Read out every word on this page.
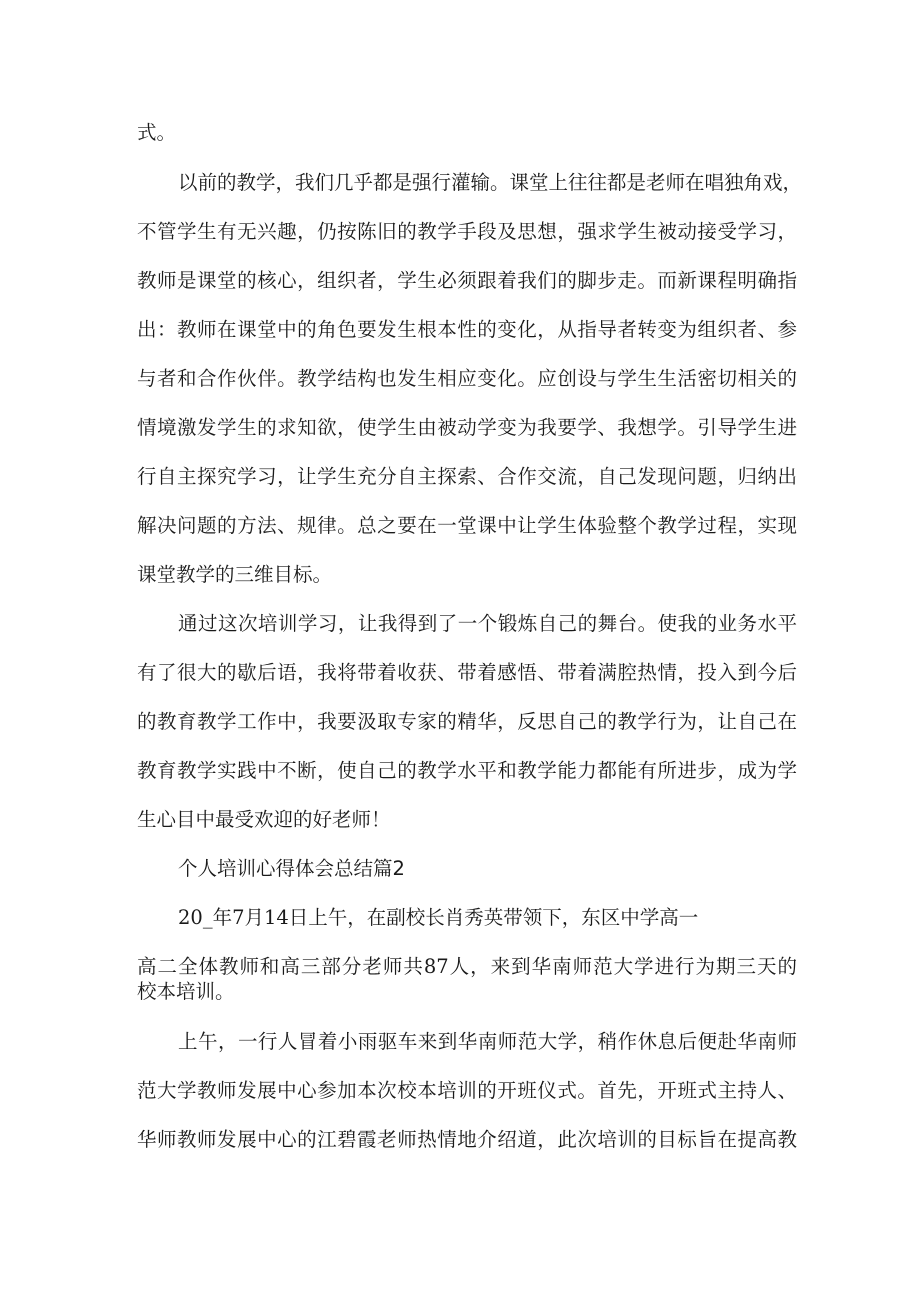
式。
以前的教学，我们几乎都是强行灌输。课堂上往往都是老师在唱独角戏，
不管学生有无兴趣，仍按陈旧的教学手段及思想，强求学生被动接受学习，
教师是课堂的核心，组织者，学生必须跟着我们的脚步走。而新课程明确指
出：教师在课堂中的角色要发生根本性的变化，从指导者转变为组织者、参
与者和合作伙伴。教学结构也发生相应变化。应创设与学生生活密切相关的
情境激发学生的求知欲，使学生由被动学变为我要学、我想学。引导学生进
行自主探究学习，让学生充分自主探索、合作交流，自己发现问题，归纳出
解决问题的方法、规律。总之要在一堂课中让学生体验整个教学过程，实现
课堂教学的三维目标。
通过这次培训学习，让我得到了一个锻炼自己的舞台。使我的业务水平
有了很大的歇后语，我将带着收获、带着感悟、带着满腔热情，投入到今后
的教育教学工作中，我要汲取专家的精华，反思自己的教学行为，让自己在
教育教学实践中不断，使自己的教学水平和教学能力都能有所进步，成为学
生心目中最受欢迎的好老师！
个人培训心得体会总结篇2
20_年7月14日上午，在副校长肖秀英带领下，东区中学高一
高二全体教师和高三部分老师共87人，来到华南师范大学进行为期三天的
校本培训。
上午，一行人冒着小雨驱车来到华南师范大学，稍作休息后便赴华南师
范大学教师发展中心参加本次校本培训的开班仪式。首先，开班式主持人、
华师教师发展中心的江碧霞老师热情地介绍道，此次培训的目标旨在提高教
